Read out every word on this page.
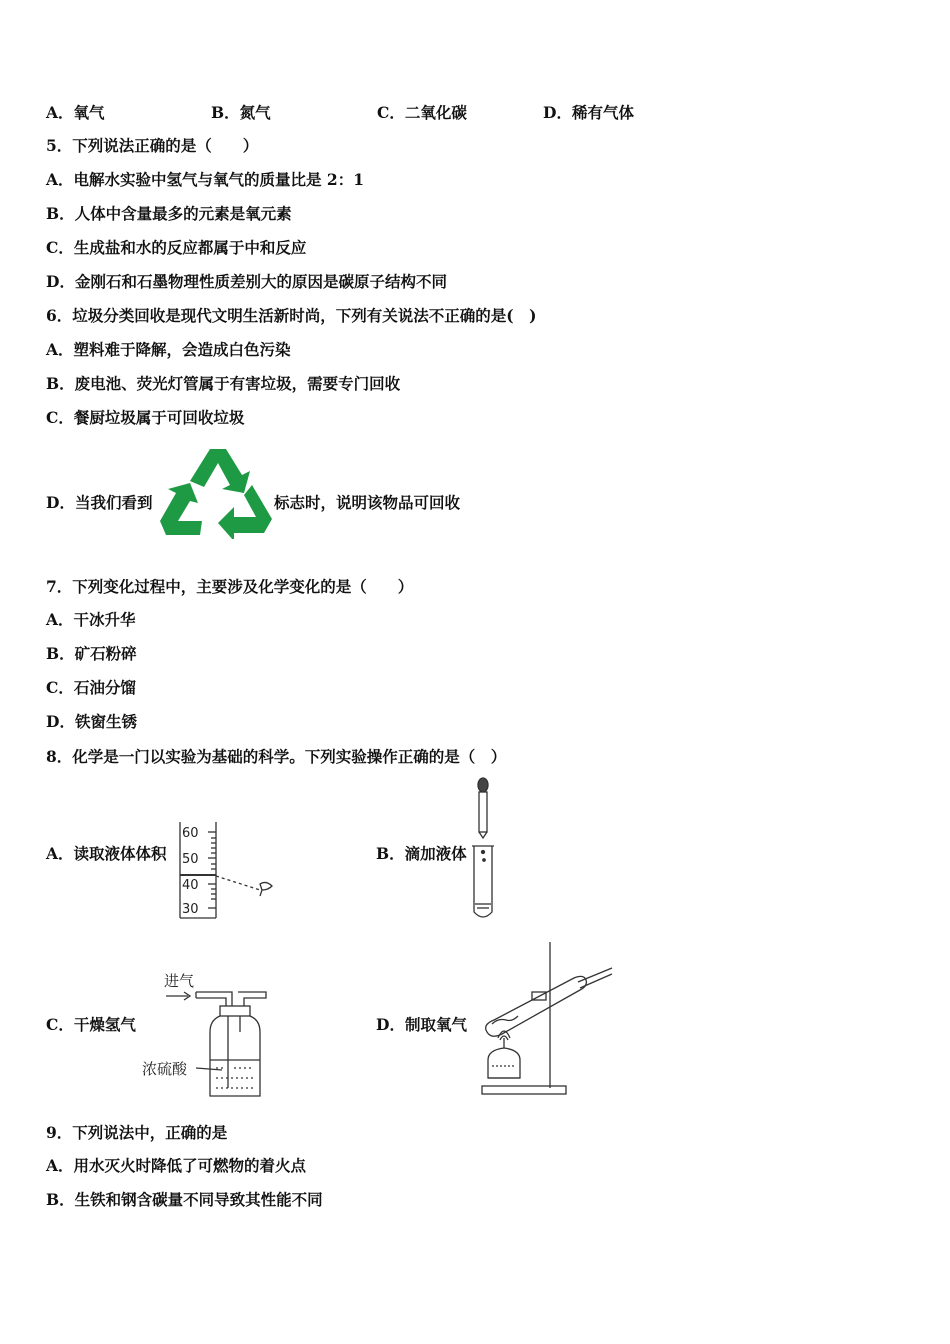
A．氧气	B．氮气	C．二氧化碳	D．稀有气体
5．下列说法正确的是（　　）
A．电解水实验中氢气与氧气的质量比是 2：1
B．人体中含量最多的元素是氧元素
C．生成盐和水的反应都属于中和反应
D．金刚石和石墨物理性质差别大的原因是碳原子结构不同
6．垃圾分类回收是现代文明生活新时尚，下列有关说法不正确的是(　)
A．塑料难于降解，会造成白色污染
B．废电池、荧光灯管属于有害垃圾，需要专门回收
C．餐厨垃圾属于可回收垃圾
D．当我们看到	标志时，说明该物品可回收
7．下列变化过程中，主要涉及化学变化的是（　　）
A．干冰升华
B．矿石粉碎
C．石油分馏
D．铁窗生锈
8．化学是一门以实验为基础的科学。下列实验操作正确的是（　）
A．读取液体体积
60
50
40
30
B．滴加液体
C．干燥氢气
进气
浓硫酸
D．制取氧气
9．下列说法中，正确的是
A．用水灭火时降低了可燃物的着火点
B．生铁和钢含碳量不同导致其性能不同
